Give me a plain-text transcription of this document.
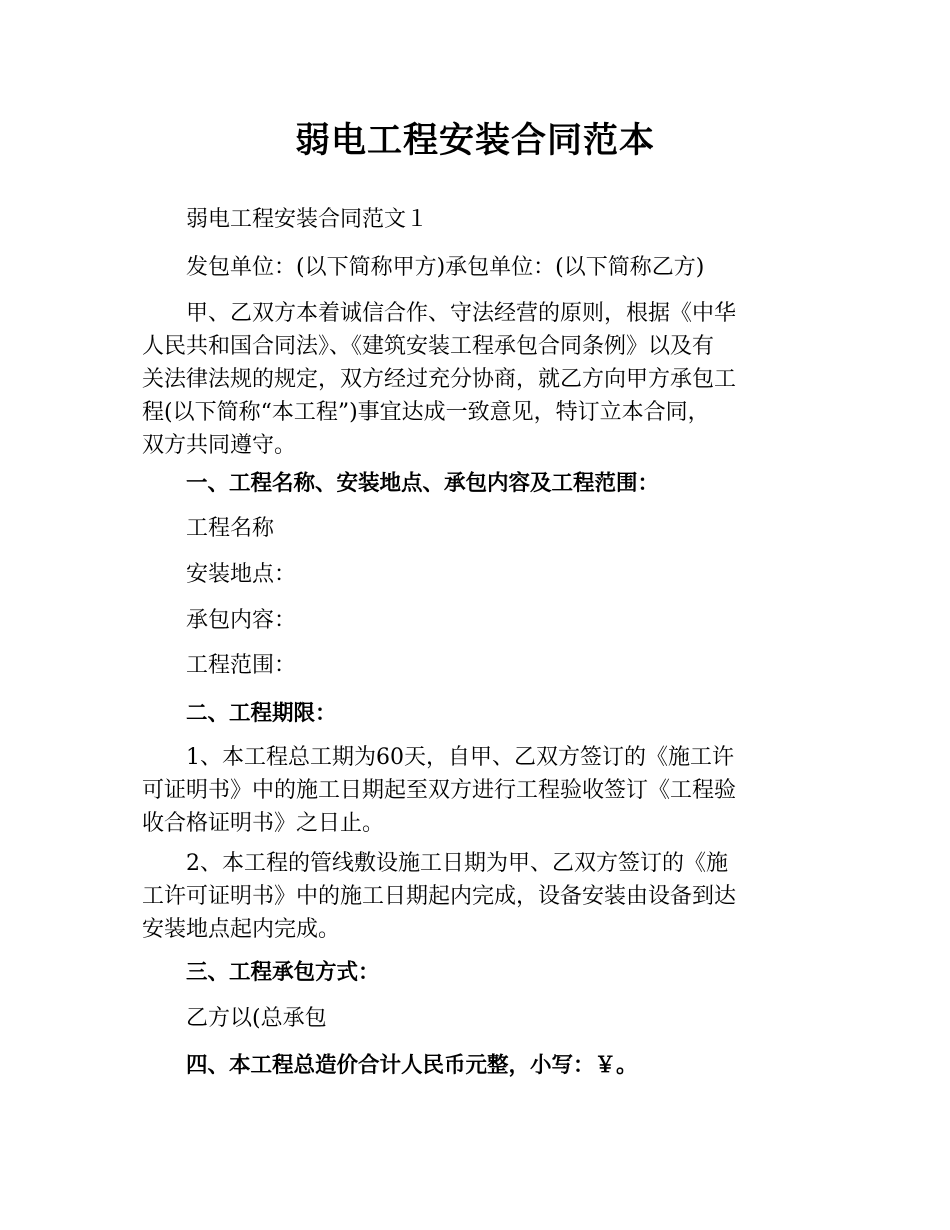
弱电工程安装合同范本

弱电工程安装合同范文１

发包单位：(以下简称甲方)承包单位：(以下简称乙方)

甲、乙双方本着诚信合作、守法经营的原则，根据《中华
人民共和国合同法》、《建筑安装工程承包合同条例》以及有
关法律法规的规定，双方经过充分协商，就乙方向甲方承包工
程(以下简称“本工程”)事宜达成一致意见，特订立本合同，
双方共同遵守。

一、工程名称、安装地点、承包内容及工程范围：

工程名称

安装地点：

承包内容：

工程范围：

二、工程期限：

1、本工程总工期为60天，自甲、乙双方签订的《施工许
可证明书》中的施工日期起至双方进行工程验收签订《工程验
收合格证明书》之日止。
2、本工程的管线敷设施工日期为甲、乙双方签订的《施
工许可证明书》中的施工日期起内完成，设备安装由设备到达
安装地点起内完成。

三、工程承包方式：

乙方以(总承包

四、本工程总造价合计人民币元整，小写：￥。
